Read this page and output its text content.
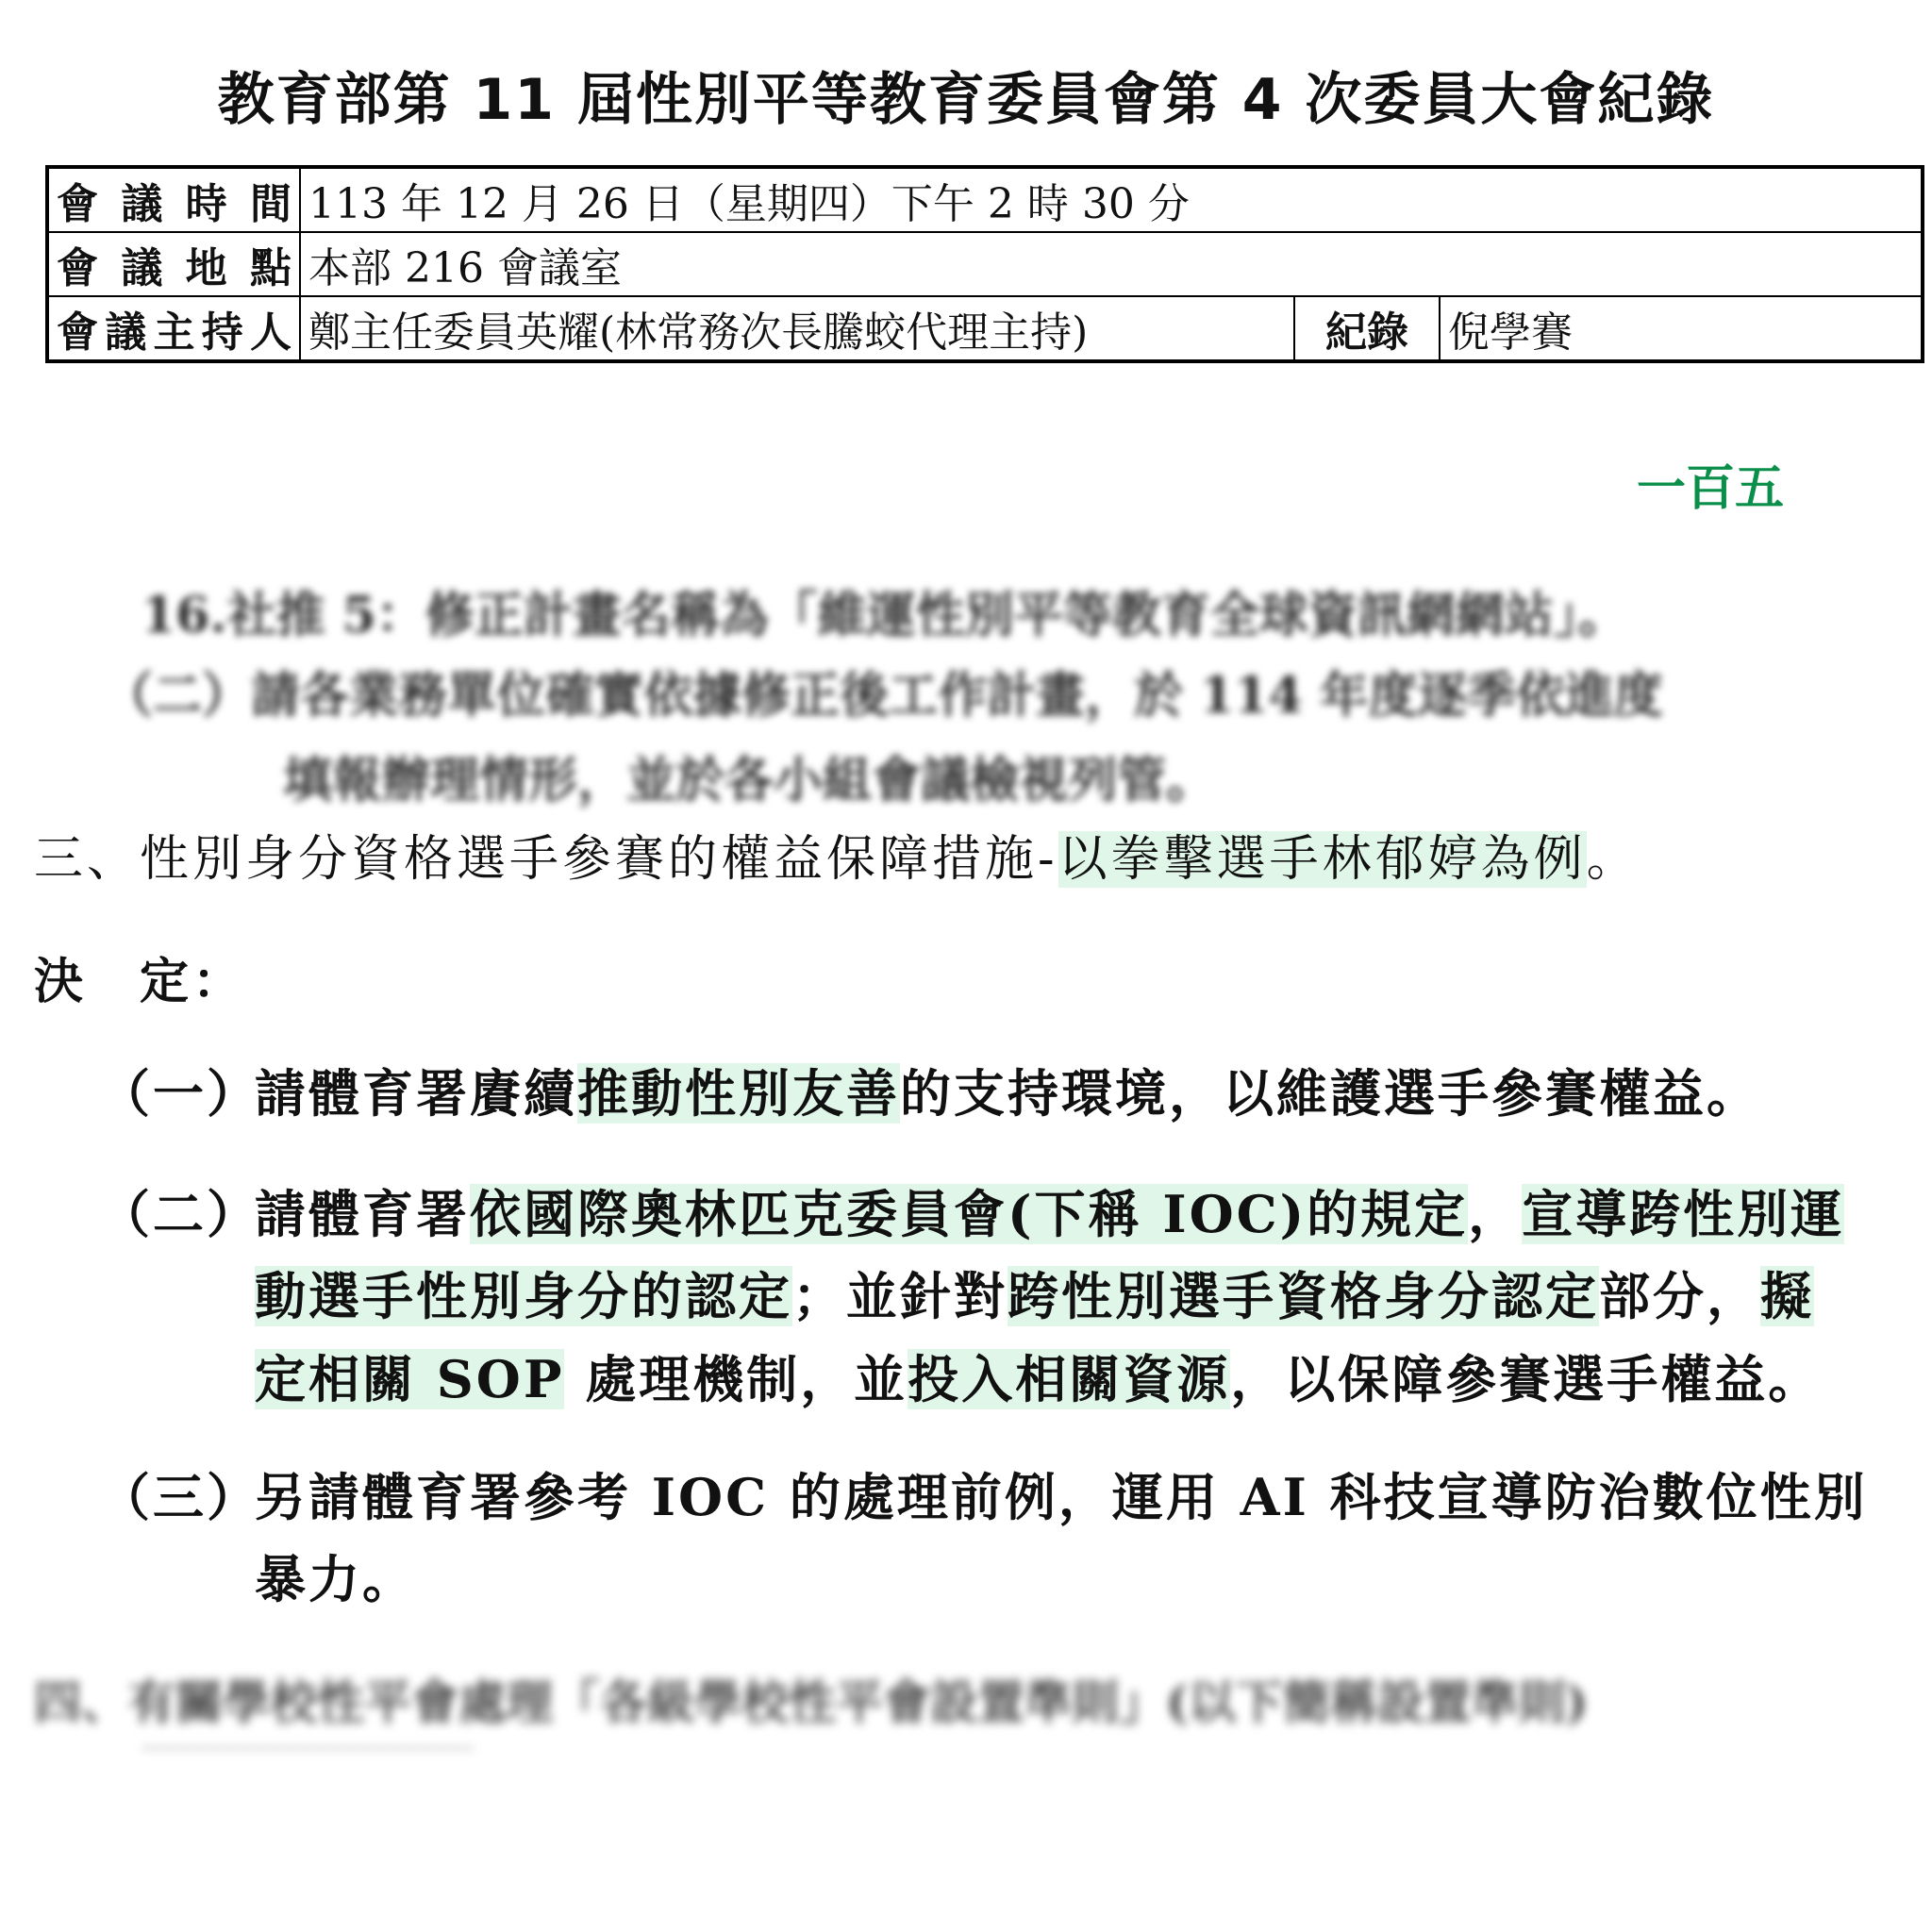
教育部第 11 屆性別平等教育委員會第 4 次委員大會紀錄
會議時間	113 年 12 月 26 日（星期四）下午 2 時 30 分		
會議地點	本部 216 會議室		
會議主持人	鄭主任委員英耀(林常務次長騰蛟代理主持)	紀錄	倪學賽
一百五
16.社推 5：修正計畫名稱為「維運性別平等教育全球資訊網網站」。
（二）請各業務單位確實依據修正後工作計畫，於 114 年度逐季依進度
填報辦理情形，並於各小組會議檢視列管。
三、性別身分資格選手參賽的權益保障措施-以拳擊選手林郁婷為例。
決　定：
（一）
請體育署賡續推動性別友善的支持環境，以維護選手參賽權益。
（二）
請體育署依國際奧林匹克委員會(下稱 IOC)的規定，宣導跨性別運
動選手性別身分的認定；並針對跨性別選手資格身分認定部分，擬
定相關 SOP 處理機制，並投入相關資源，以保障參賽選手權益。
（三）
另請體育署參考 IOC 的處理前例，運用 AI 科技宣導防治數位性別
暴力。
四、有關學校性平會處理「各級學校性平會設置準則」(以下簡稱設置準則)
…………………………………………………………
